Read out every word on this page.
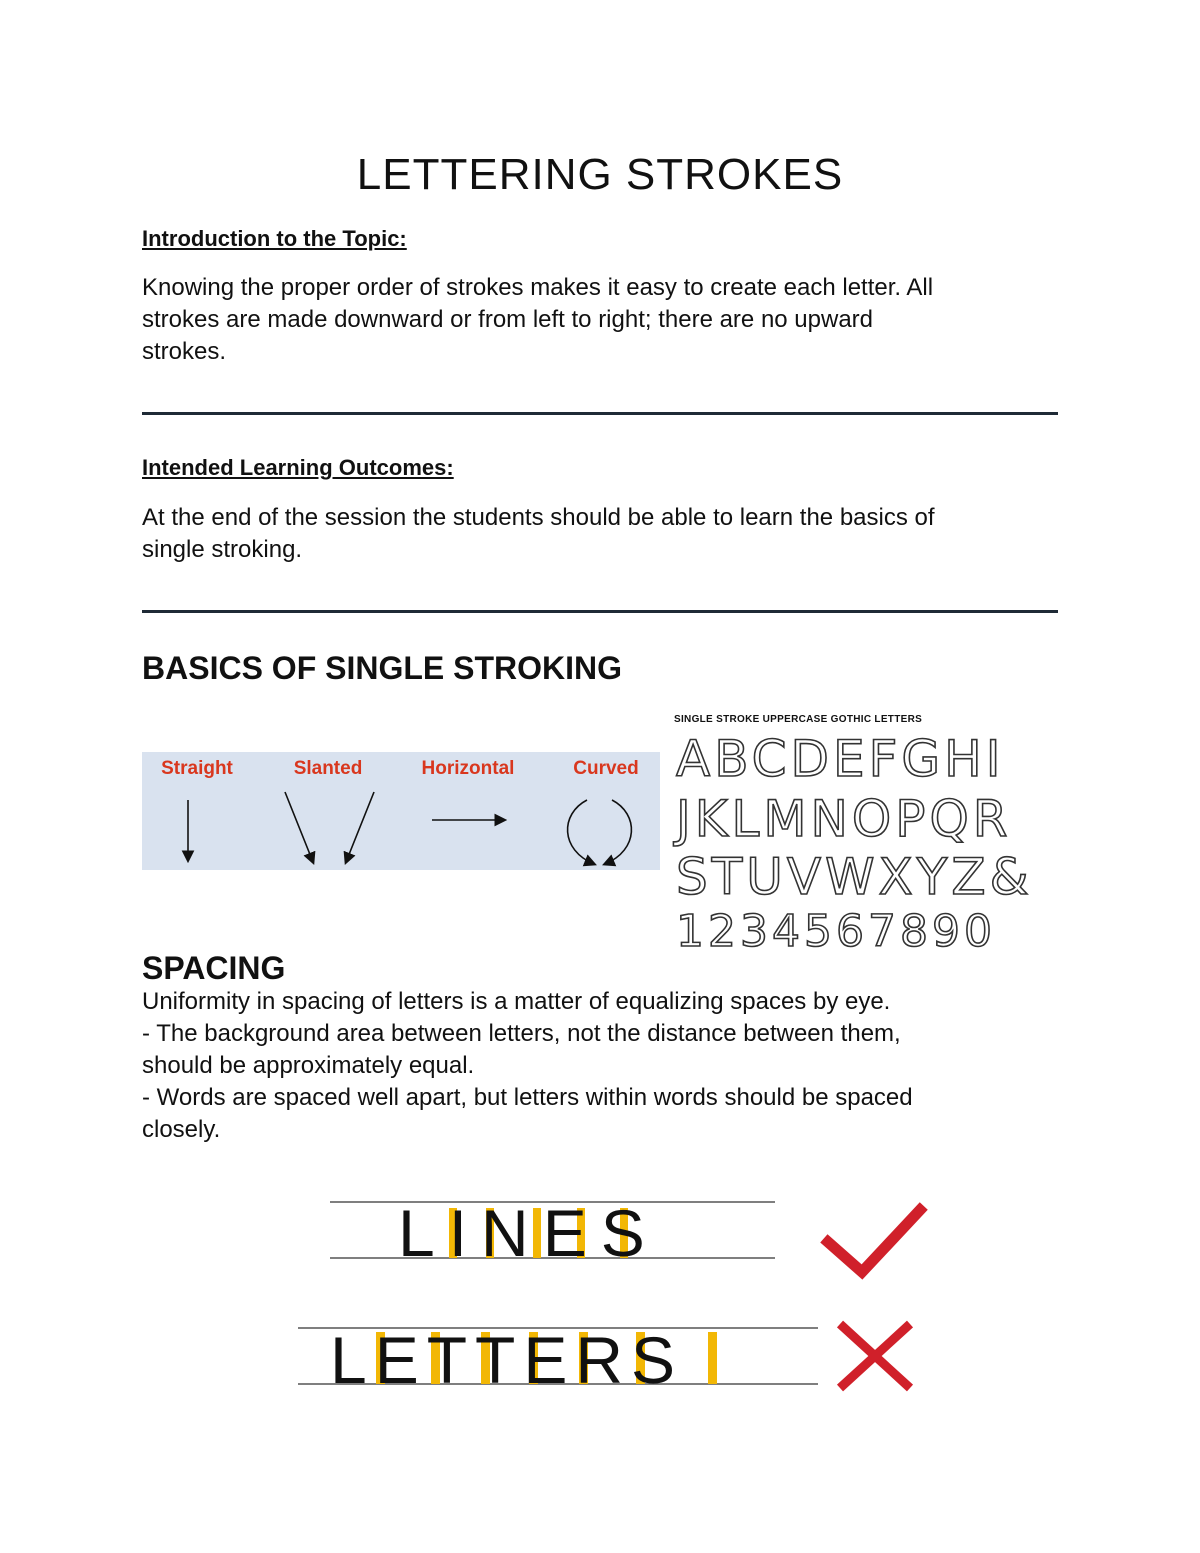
LETTERING STROKES
Introduction to the Topic:
Knowing the proper order of strokes makes it easy to create each letter. All
strokes are made downward or from left to right; there are no upward
strokes.
Intended Learning Outcomes:
At the end of the session the students should be able to learn the basics of
single stroking.
BASICS OF SINGLE STROKING
Straight	Slanted	Horizontal	Curved
SINGLE STROKE UPPERCASE GOTHIC LETTERS
ABCDEFGHI
JKLMNOPQR
STUVWXYZ&
1234567890
SPACING
Uniformity in spacing of letters is a matter of equalizing spaces by eye.
- The background area between letters, not the distance between them,
should be approximately equal.
- Words are spaced well apart, but letters within words should be spaced
closely.
LINES
LETTERS
